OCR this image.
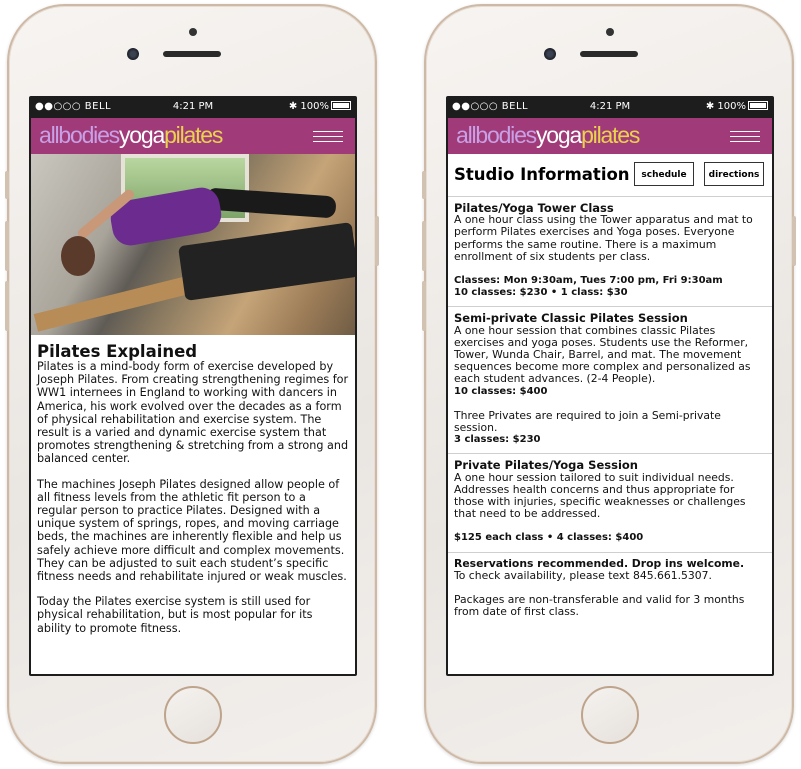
●●○○○ BELL	4:21 PM	✱ 100%
allbodiesyogapilates
Pilates Explained

Pilates is a mind-body form of exercise developed by Joseph Pilates. From creating strengthening regimes for WW1 internees in England to working with dancers in America, his work evolved over the decades as a form of physical rehabilitation and exercise system. The result is a varied and dynamic exercise system that promotes strengthening & stretching from a strong and balanced center.

The machines Joseph Pilates designed allow people of all fitness levels from the athletic fit person to a regular person to practice Pilates. Designed with a unique system of springs, ropes, and moving carriage beds, the machines are inherently flexible and help us safely achieve more difficult and complex movements. They can be adjusted to suit each student’s specific fitness needs and rehabilitate injured or weak muscles.

Today the Pilates exercise system is still used for physical rehabilitation, but is most popular for its ability to promote fitness.

●●○○○ BELL	4:21 PM	✱ 100%
allbodiesyogapilates
Studio Information	schedule	directions
Pilates/Yoga Tower Class
A one hour class using the Tower apparatus and mat to perform Pilates exercises and Yoga poses. Everyone performs the same routine. There is a maximum enrollment of six students per class.
Classes: Mon 9:30am, Tues 7:00 pm, Fri 9:30am
10 classes: $230 • 1 class: $30
Semi-private Classic Pilates Session
A one hour session that combines classic Pilates exercises and yoga poses. Students use the Reformer, Tower, Wunda Chair, Barrel, and mat. The movement sequences become more complex and personalized as each student advances. (2-4 People).
10 classes: $400
Three Privates are required to join a Semi-private session.
3 classes: $230
Private Pilates/Yoga Session
A one hour session tailored to suit individual needs. Addresses health concerns and thus appropriate for those with injuries, specific weaknesses or challenges that need to be addressed.
$125 each class • 4 classes: $400
Reservations recommended. Drop ins welcome.
To check availability, please text 845.661.5307.
Packages are non-transferable and valid for 3 months from date of first class.
